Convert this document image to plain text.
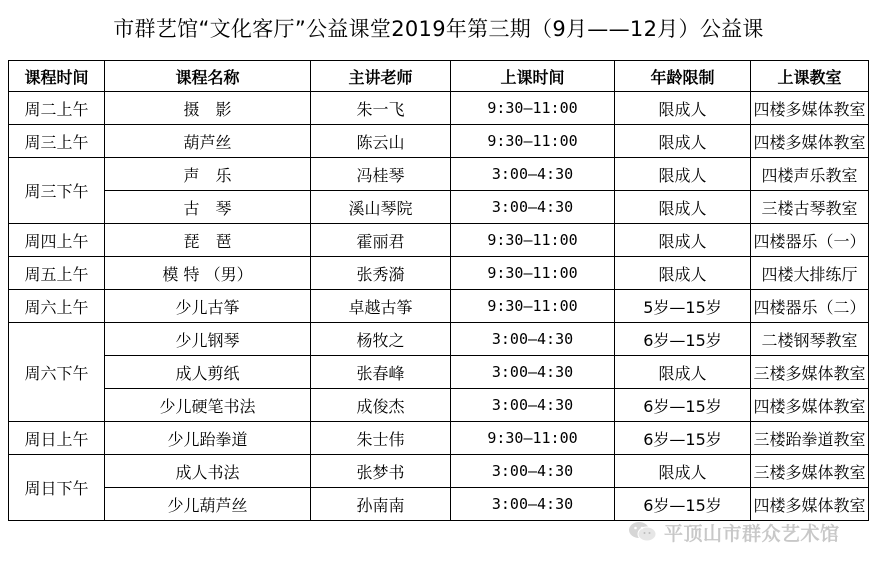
市群艺馆“文化客厅”公益课堂2019年第三期（9月——12月）公益课
课程时间	课程名称	主讲老师	上课时间	年龄限制	上课教室
周二上午	摄　影	朱一飞	9:30—11:00	限成人	四楼多媒体教室
周三上午	葫芦丝	陈云山	9:30—11:00	限成人	四楼多媒体教室
周三下午	声　乐	冯桂琴	3:00—4:30	限成人	四楼声乐教室
	古　琴	溪山琴院	3:00—4:30	限成人	三楼古琴教室
周四上午	琵　琶	霍丽君	9:30—11:00	限成人	四楼器乐（一）
周五上午	模 特 （男）	张秀漪	9:30—11:00	限成人	四楼大排练厅
周六上午	少儿古筝	卓越古筝	9:30—11:00	5岁—15岁	四楼器乐（二）
周六下午	少儿钢琴	杨牧之	3:00—4:30	6岁—15岁	二楼钢琴教室
	成人剪纸	张春峰	3:00—4:30	限成人	三楼多媒体教室
	少儿硬笔书法	成俊杰	3:00—4:30	6岁—15岁	四楼多媒体教室
周日上午	少儿跆拳道	朱士伟	9:30—11:00	6岁—15岁	三楼跆拳道教室
周日下午	成人书法	张梦书	3:00—4:30	限成人	三楼多媒体教室
	少儿葫芦丝	孙南南	3:00—4:30	6岁—15岁	四楼多媒体教室
平顶山市群众艺术馆
